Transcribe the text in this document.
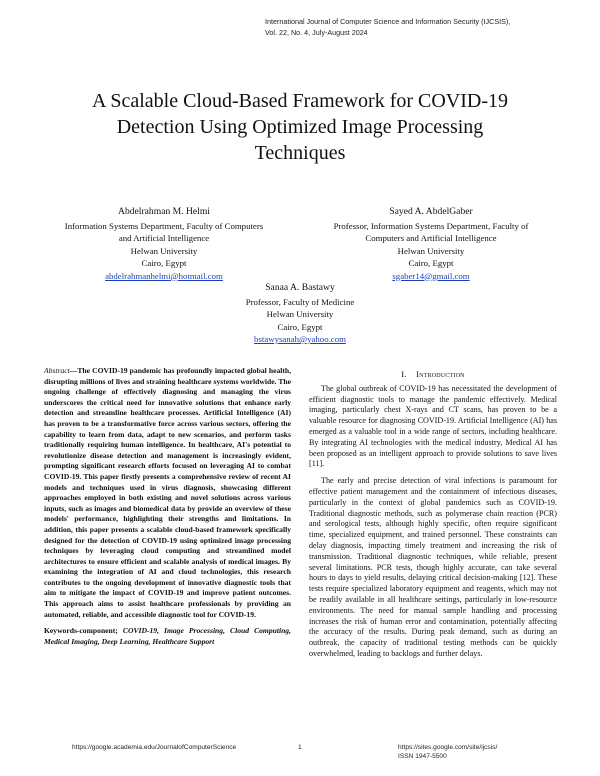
International Journal of Computer Science and Information Security (IJCSIS),
Vol. 22, No. 4, July-August 2024
A Scalable Cloud-Based Framework for COVID-19
Detection Using Optimized Image Processing
Techniques
Abdelrahman M. Helmi
Information Systems Department, Faculty of Computers
and Artificial Intelligence
Helwan University
Cairo, Egypt
abdelrahmanhelmi@hotmail.com
Sayed A. AbdelGaber
Professor, Information Systems Department, Faculty of
Computers and Artificial Intelligence
Helwan University
Cairo, Egypt
sgaber14@gmail.com
Sanaa A. Bastawy
Professor, Faculty of Medicine
Helwan University
Cairo, Egypt
bstawysanah@yahoo.com
Abstract—The COVID-19 pandemic has profoundly impacted global health, disrupting millions of lives and straining healthcare systems worldwide. The ongoing challenge of effectively diagnosing and managing the virus underscores the critical need for innovative solutions that enhance early detection and streamline healthcare processes. Artificial Intelligence (AI) has proven to be a transformative force across various sectors, offering the capability to learn from data, adapt to new scenarios, and perform tasks traditionally requiring human intelligence. In healthcare, AI's potential to revolutionize disease detection and management is increasingly evident, prompting significant research efforts focused on leveraging AI to combat COVID-19. This paper firstly presents a comprehensive review of recent AI models and techniques used in virus diagnosis, showcasing different approaches employed in both existing and novel solutions across various inputs, such as images and biomedical data by provide an overview of these models' performance, highlighting their strengths and limitations. In addition, this paper presents a scalable cloud-based framework specifically designed for the detection of COVID-19 using optimized image processing techniques by leveraging cloud computing and streamlined model architectures to ensure efficient and scalable analysis of medical images. By examining the integration of AI and cloud technologies, this research contributes to the ongoing development of innovative diagnostic tools that aim to mitigate the impact of COVID-19 and improve patient outcomes. This approach aims to assist healthcare professionals by providing an automated, reliable, and accessible diagnostic tool for COVID-19.
Keywords-component; COVID-19, Image Processing, Cloud Computing, Medical Imaging, Deep Learning, Healthcare Support
I. Introduction

The global outbreak of COVID-19 has necessitated the development of efficient diagnostic tools to manage the pandemic effectively. Medical imaging, particularly chest X-rays and CT scans, has proven to be a valuable resource for diagnosing COVID-19. Artificial Intelligence (AI) has emerged as a valuable tool in a wide range of sectors, including healthcare. By integrating AI technologies with the medical industry, Medical AI has been proposed as an intelligent approach to provide solutions to save lives [11].

The early and precise detection of viral infections is paramount for effective patient management and the containment of infectious diseases, particularly in the context of global pandemics such as COVID-19. Traditional diagnostic methods, such as polymerase chain reaction (PCR) and serological tests, although highly specific, often require significant time, specialized equipment, and trained personnel. These constraints can delay diagnosis, impacting timely treatment and increasing the risk of transmission. Traditional diagnostic techniques, while reliable, present several limitations. PCR tests, though highly accurate, can take several hours to days to yield results, delaying critical decision-making [12]. These tests require specialized laboratory equipment and reagents, which may not be readily available in all healthcare settings, particularly in low-resource environments. The need for manual sample handling and processing increases the risk of human error and contamination, potentially affecting the accuracy of the results. During peak demand, such as during an outbreak, the capacity of traditional testing methods can be quickly overwhelmed, leading to backlogs and further delays.

https://google.academia.edu/JournalofComputerScience	1	https://sites.google.com/site/ijcsis/
ISSN 1947-5500
